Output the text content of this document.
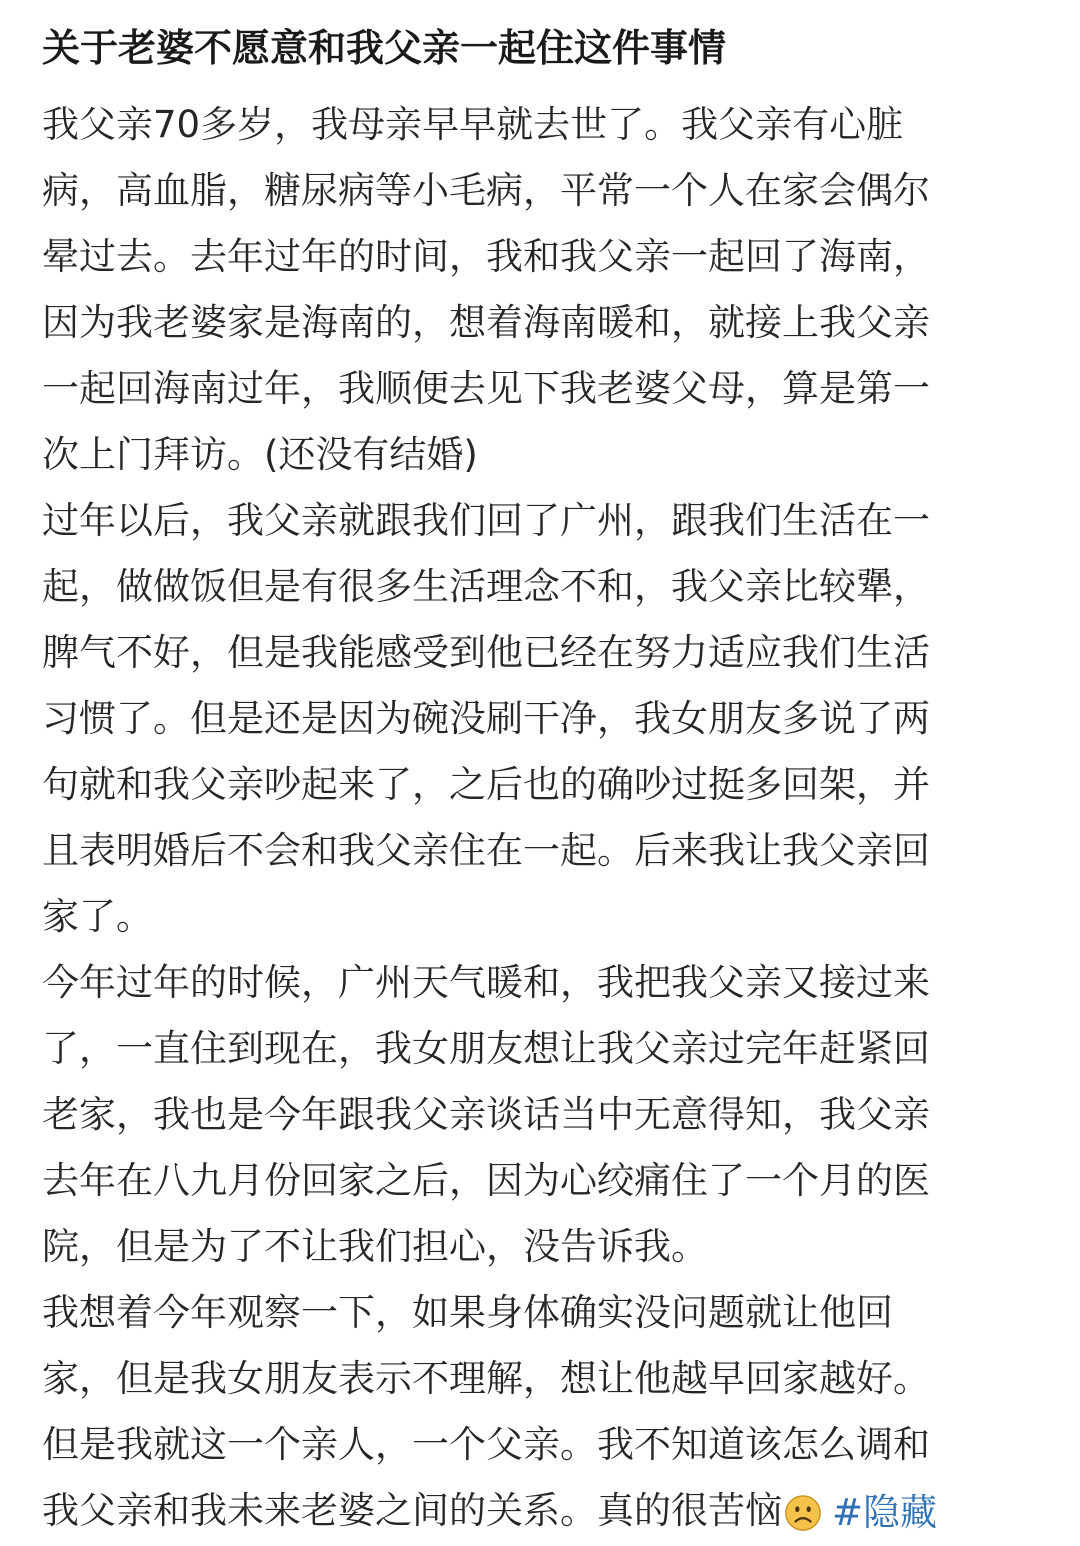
关于老婆不愿意和我父亲一起住这件事情
我父亲70多岁，我母亲早早就去世了。我父亲有心脏
病，高血脂，糖尿病等小毛病，平常一个人在家会偶尔
晕过去。去年过年的时间，我和我父亲一起回了海南，
因为我老婆家是海南的，想着海南暖和，就接上我父亲
一起回海南过年，我顺便去见下我老婆父母，算是第一
次上门拜访。(还没有结婚)
过年以后，我父亲就跟我们回了广州，跟我们生活在一
起，做做饭但是有很多生活理念不和，我父亲比较犟，
脾气不好，但是我能感受到他已经在努力适应我们生活
习惯了。但是还是因为碗没刷干净，我女朋友多说了两
句就和我父亲吵起来了，之后也的确吵过挺多回架，并
且表明婚后不会和我父亲住在一起。后来我让我父亲回
家了。
今年过年的时候，广州天气暖和，我把我父亲又接过来
了，一直住到现在，我女朋友想让我父亲过完年赶紧回
老家，我也是今年跟我父亲谈话当中无意得知，我父亲
去年在八九月份回家之后，因为心绞痛住了一个月的医
院，但是为了不让我们担心，没告诉我。
我想着今年观察一下，如果身体确实没问题就让他回
家，但是我女朋友表示不理解，想让他越早回家越好。
但是我就这一个亲人，一个父亲。我不知道该怎么调和
我父亲和我未来老婆之间的关系。真的很苦恼 #隐藏
